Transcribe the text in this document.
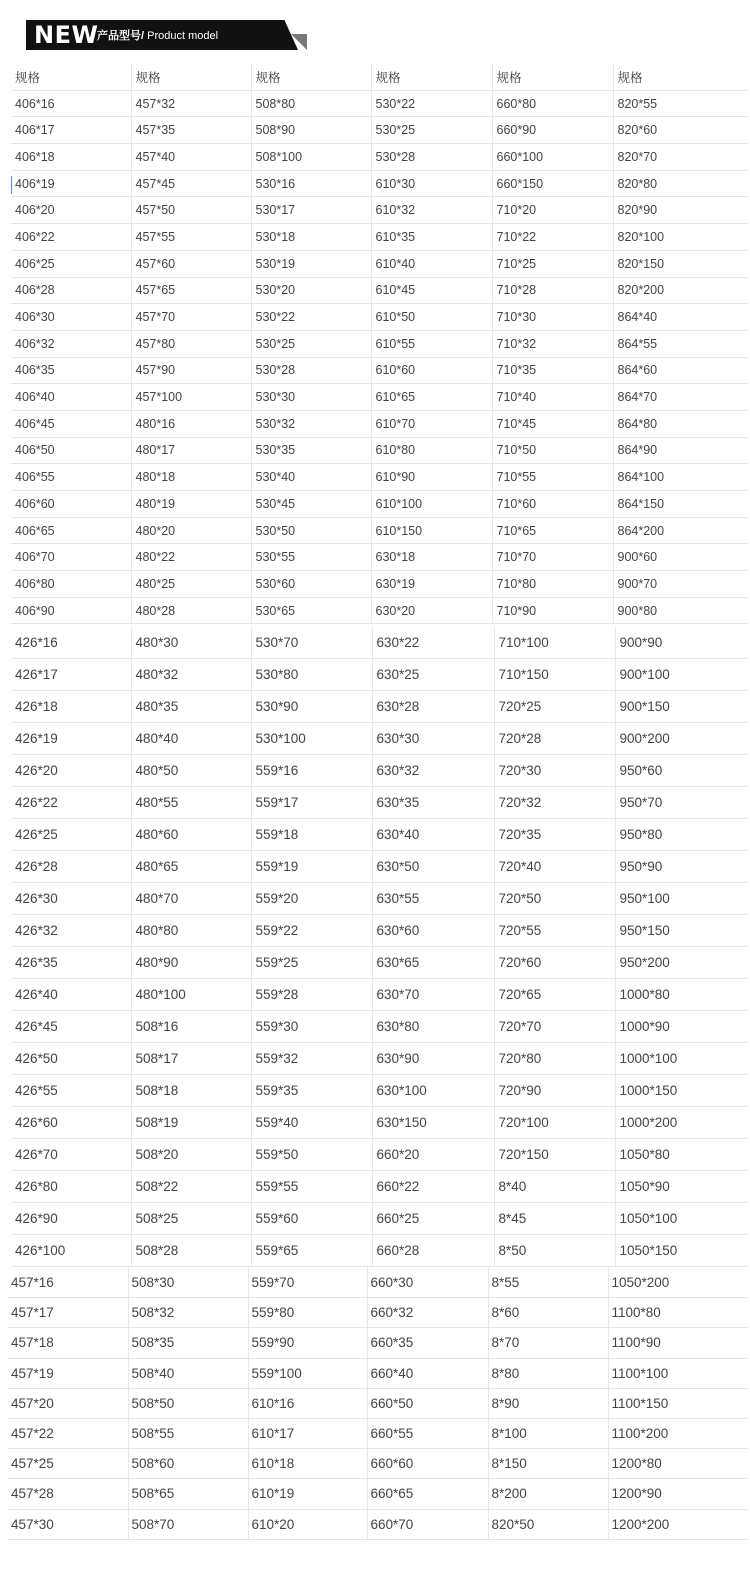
NEW
产品型号/ Product model
规格	规格	规格	规格	规格	规格
406*16	457*32	508*80	530*22	660*80	820*55
406*17	457*35	508*90	530*25	660*90	820*60
406*18	457*40	508*100	530*28	660*100	820*70
406*19	457*45	530*16	610*30	660*150	820*80
406*20	457*50	530*17	610*32	710*20	820*90
406*22	457*55	530*18	610*35	710*22	820*100
406*25	457*60	530*19	610*40	710*25	820*150
406*28	457*65	530*20	610*45	710*28	820*200
406*30	457*70	530*22	610*50	710*30	864*40
406*32	457*80	530*25	610*55	710*32	864*55
406*35	457*90	530*28	610*60	710*35	864*60
406*40	457*100	530*30	610*65	710*40	864*70
406*45	480*16	530*32	610*70	710*45	864*80
406*50	480*17	530*35	610*80	710*50	864*90
406*55	480*18	530*40	610*90	710*55	864*100
406*60	480*19	530*45	610*100	710*60	864*150
406*65	480*20	530*50	610*150	710*65	864*200
406*70	480*22	530*55	630*18	710*70	900*60
406*80	480*25	530*60	630*19	710*80	900*70
406*90	480*28	530*65	630*20	710*90	900*80
426*16	480*30	530*70	630*22	710*100	900*90
426*17	480*32	530*80	630*25	710*150	900*100
426*18	480*35	530*90	630*28	720*25	900*150
426*19	480*40	530*100	630*30	720*28	900*200
426*20	480*50	559*16	630*32	720*30	950*60
426*22	480*55	559*17	630*35	720*32	950*70
426*25	480*60	559*18	630*40	720*35	950*80
426*28	480*65	559*19	630*50	720*40	950*90
426*30	480*70	559*20	630*55	720*50	950*100
426*32	480*80	559*22	630*60	720*55	950*150
426*35	480*90	559*25	630*65	720*60	950*200
426*40	480*100	559*28	630*70	720*65	1000*80
426*45	508*16	559*30	630*80	720*70	1000*90
426*50	508*17	559*32	630*90	720*80	1000*100
426*55	508*18	559*35	630*100	720*90	1000*150
426*60	508*19	559*40	630*150	720*100	1000*200
426*70	508*20	559*50	660*20	720*150	1050*80
426*80	508*22	559*55	660*22	8*40	1050*90
426*90	508*25	559*60	660*25	8*45	1050*100
426*100	508*28	559*65	660*28	8*50	1050*150
457*16	508*30	559*70	660*30	8*55	1050*200
457*17	508*32	559*80	660*32	8*60	1100*80
457*18	508*35	559*90	660*35	8*70	1100*90
457*19	508*40	559*100	660*40	8*80	1100*100
457*20	508*50	610*16	660*50	8*90	1100*150
457*22	508*55	610*17	660*55	8*100	1100*200
457*25	508*60	610*18	660*60	8*150	1200*80
457*28	508*65	610*19	660*65	8*200	1200*90
457*30	508*70	610*20	660*70	820*50	1200*200
